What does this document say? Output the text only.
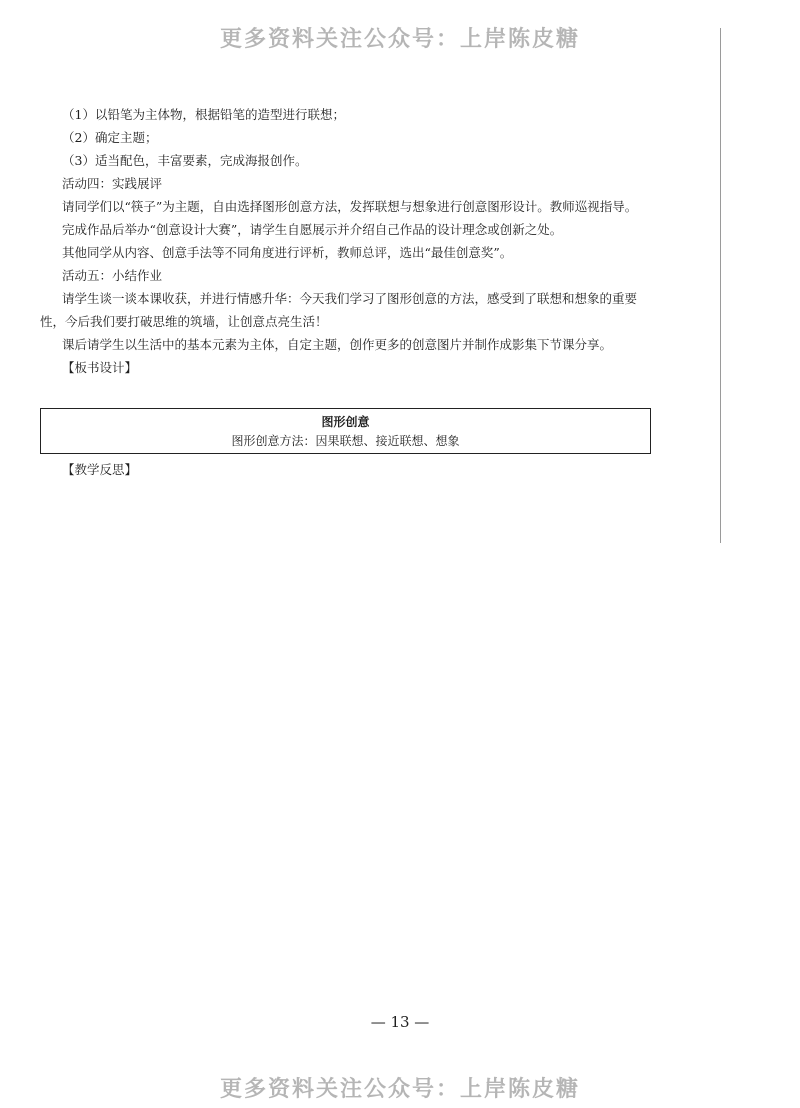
更多资料关注公众号：上岸陈皮糖

（1）以铅笔为主体物，根据铅笔的造型进行联想；

（2）确定主题；

（3）适当配色，丰富要素，完成海报创作。

活动四：实践展评

请同学们以“筷子”为主题，自由选择图形创意方法，发挥联想与想象进行创意图形设计。教师巡视指导。

完成作品后举办“创意设计大赛”，请学生自愿展示并介绍自己作品的设计理念或创新之处。

其他同学从内容、创意手法等不同角度进行评析，教师总评，选出“最佳创意奖”。

活动五：小结作业

请学生谈一谈本课收获，并进行情感升华：今天我们学习了图形创意的方法，感受到了联想和想象的重要性，今后我们要打破思维的筑墙，让创意点亮生活！

课后请学生以生活中的基本元素为主体，自定主题，创作更多的创意图片并制作成影集下节课分享。

【板书设计】

图形创意
图形创意方法：因果联想、接近联想、想象
【教学反思】
— 13 —
更多资料关注公众号：上岸陈皮糖
